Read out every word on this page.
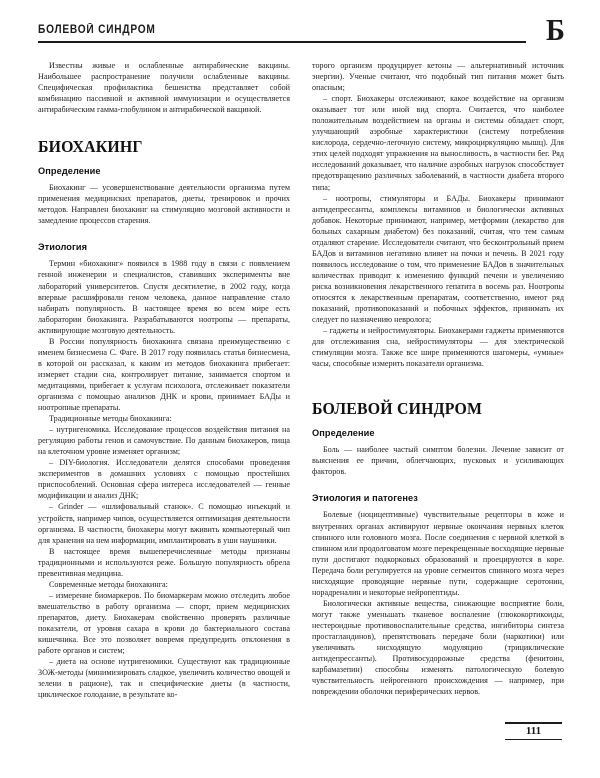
БОЛЕВОЙ СИНДРОМ	Б

Известны живые и ослабленные антирабические вакцины. Наибольшее распространение получили ослабленные вакцины. Специфическая профилактика бешенства представляет собой комбинацию пассивной и активной иммунизации и осуществляется антирабическим гамма-глобулином и антирабической вакциной.

БИОХАКИНГ
Определение

Биохакинг — усовершенствование деятельности организма путем применения медицинских препаратов, диеты, тренировок и прочих методов. Направлен биохакинг на стимуляцию мозговой активности и замедление процессов старения.

Этиология

Термин «биохакинг» появился в 1988 году в связи с появлением генной инженерии и специалистов, ставивших эксперименты вне лабораторий университетов. Спустя десятилетие, в 2002 году, когда впервые расшифровали геном человека, данное направление стало набирать популярность. В настоящее время во всем мире есть лаборатории биохакинга. Разрабатываются ноотропы — препараты, активирующие мозговую деятельность.

В России популярность биохакинга связана преимущественно с именем бизнесмена С. Фаге. В 2017 году появилась статья бизнесмена, в которой он рассказал, к каким из методов биохакинга прибегает: измеряет стадии сна, контролирует питание, занимается спортом и медитациями, прибегает к услугам психолога, отслеживает показатели организма с помощью анализов ДНК и крови, принимает БАДы и ноотропные препараты.

Традиционные методы биохакинга:

– нутригеномика. Исследование процессов воздействия питания на регуляцию работы генов и самочувствие. По данным биохакеров, пища на клеточном уровне изменяет организм;

– DIY-биология. Исследователи делятся способами проведения экспериментов в домашних условиях с помощью простейших приспособлений. Основная сфера интереса исследователей — генные модификации и анализ ДНК;

– Grinder — «шлифовальный станок». С помощью инъекций и устройств, например чипов, осуществляется оптимизация деятельности организма. В частности, биохакеры могут вживить компьютерный чип для хранения на нем информации, имплантировать в уши наушники.

В настоящее время вышеперечисленные методы признаны традиционными и используются реже. Большую популярность обрела превентивная медицина.

Современные методы биохакинга:

– измерение биомаркеров. По биомаркерам можно отследить любое вмешательство в работу организма — спорт, прием медицинских препаратов, диету. Биохакерам свойственно проверять различные показатели, от уровня сахара в крови до бактериального состава кишечника. Все это позволяет вовремя предупредить отклонения в работе органов и систем;

– диета на основе нутригеномики. Существуют как традиционные ЗОЖ-методы (минимизировать сладкое, увеличить количество овощей и зелени в рационе), так и специфические диеты (в частности, циклическое голодание, в результате ко-

торого организм продуцирует кетоны — альтернативный источник энергии). Ученые считают, что подобный тип питания может быть опасным;

– спорт. Биохакеры отслеживают, какое воздействие на организм оказывает тот или иной вид спорта. Считается, что наиболее положительным воздействием на органы и системы обладает спорт, улучшающий аэробные характеристики (систему потребления кислорода, сердечно-легочную систему, микроциркуляцию мышц). Для этих целей подходят упражнения на выносливость, в частности бег. Ряд исследований доказывает, что наличие аэробных нагрузок способствует предотвращению различных заболеваний, в частности диабета второго типа;

– ноотропы, стимуляторы и БАДы. Биохакеры принимают антидепрессанты, комплексы витаминов и биологически активных добавок. Некоторые принимают, например, метформин (лекарство для больных сахарным диабетом) без показаний, считая, что тем самым отдаляют старение. Исследователи считают, что бесконтрольный прием БАДов и витаминов негативно влияет на почки и печень. В 2021 году появилось исследование о том, что применение БАДов в значительных количествах приводит к изменению функций печени и увеличению риска возникновения лекарственного гепатита в восемь раз. Ноотропы относятся к лекарственным препаратам, соответственно, имеют ряд показаний, противопоказаний и побочных эффектов, принимать их следует по назначению невролога;

– гаджеты и нейростимуляторы. Биохакерами гаджеты применяются для отслеживания сна, нейростимуляторы — для электрической стимуляции мозга. Также все шире применяются шагомеры, «умные» часы, способные измерить показатели организма.

БОЛЕВОЙ СИНДРОМ
Определение

Боль — наиболее частый симптом болезни. Лечение зависит от выяснения ее причин, облегчающих, пусковых и усиливающих факторов.

Этиология и патогенез

Болевые (ноцицептивные) чувствительные рецепторы в коже и внутренних органах активируют нервные окончания нервных клеток спинного или головного мозга. После соединения с нервной клеткой в спинном или продолговатом мозге перекрещенные восходящие нервные пути достигают подкорковых образований и проецируются в коре. Передача боли регулируется на уровне сегментов спинного мозга через нисходящие проводящие нервные пути, содержащие серотонин, норадреналин и некоторые нейропептиды.

Биологически активные вещества, снижающие восприятие боли, могут также уменьшать тканевое воспаление (глюкокортикоиды, нестероидные противовоспалительные средства, ингибиторы синтеза простагландинов), препятствовать передаче боли (наркотики) или увеличивать нисходящую модуляцию (трициклические антидепрессанты). Противосудорожные средства (фенитоин, карбамазепин) способны изменять патологическую болевую чувствительность нейрогенного происхождения — например, при повреждении оболочки периферических нервов.

111
